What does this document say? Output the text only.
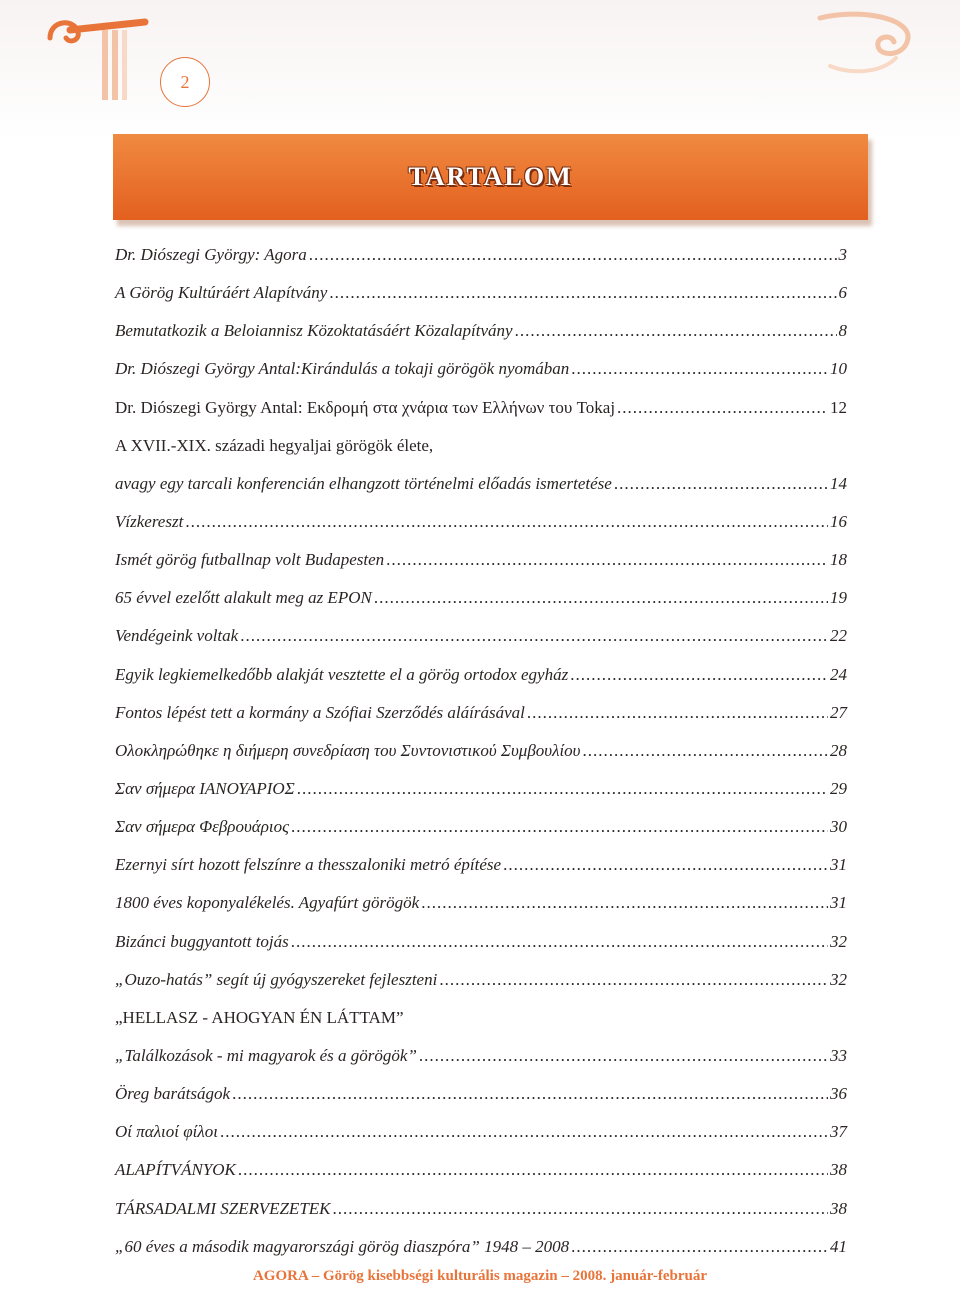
2
TARTALOM
Dr. Diószegi György: Agora .....	3
A Görög Kultúráért Alapítvány .....	6
Bemutatkozik a Beloiannisz Közoktatásáért Közalapítvány .....	8
Dr. Diószegi György Antal:Kirándulás a tokaji görögök nyomában .....	10
Dr. Diószegi György Antal: Εκδρομή στα χνάρια των Ελλήνων του Tokaj .....	12
A XVII.-XIX. századi hegyaljai görögök élete,
avagy egy tarcali konferencián elhangzott történelmi előadás ismertetése .....	14
Vízkereszt .....	16
Ismét görög futballnap volt Budapesten .....	18
65 évvel ezelőtt alakult meg az EPON .....	19
Vendégeink voltak .....	22
Egyik legkiemelkedőbb alakját vesztette el a görög ortodox egyház .....	24
Fontos lépést tett a kormány a Szófiai Szerződés aláírásával .....	27
Ολοκληρώθηκε η διήμερη συνεδρίαση του Συντονιστικού Συμβουλίου .....	28
Σαν σήμερα ΙΑΝΟΥΑΡΙΟΣ .....	29
Σαν σήμερα Φεβρουάριος .....	30
Ezernyi sírt hozott felszínre a thesszaloniki metró építése .....	31
1800 éves koponyalékelés. Agyafúrt görögök .....	31
Bizánci buggyantott tojás .....	32
„Ouzo-hatás” segít új gyógyszereket fejleszteni .....	32
„HELLASZ - AHOGYAN ÉN LÁTTAM”
„Találkozások - mi magyarok és a görögök” .....	33
Öreg barátságok .....	36
Οί παλιοί φίλοι .....	37
ALAPÍTVÁNYOK .....	38
TÁRSADALMI SZERVEZETEK .....	38
„60 éves a második magyarországi görög diaszpóra” 1948 – 2008 .....	41
AGORA – Görög kisebbségi kulturális magazin – 2008. január-február
